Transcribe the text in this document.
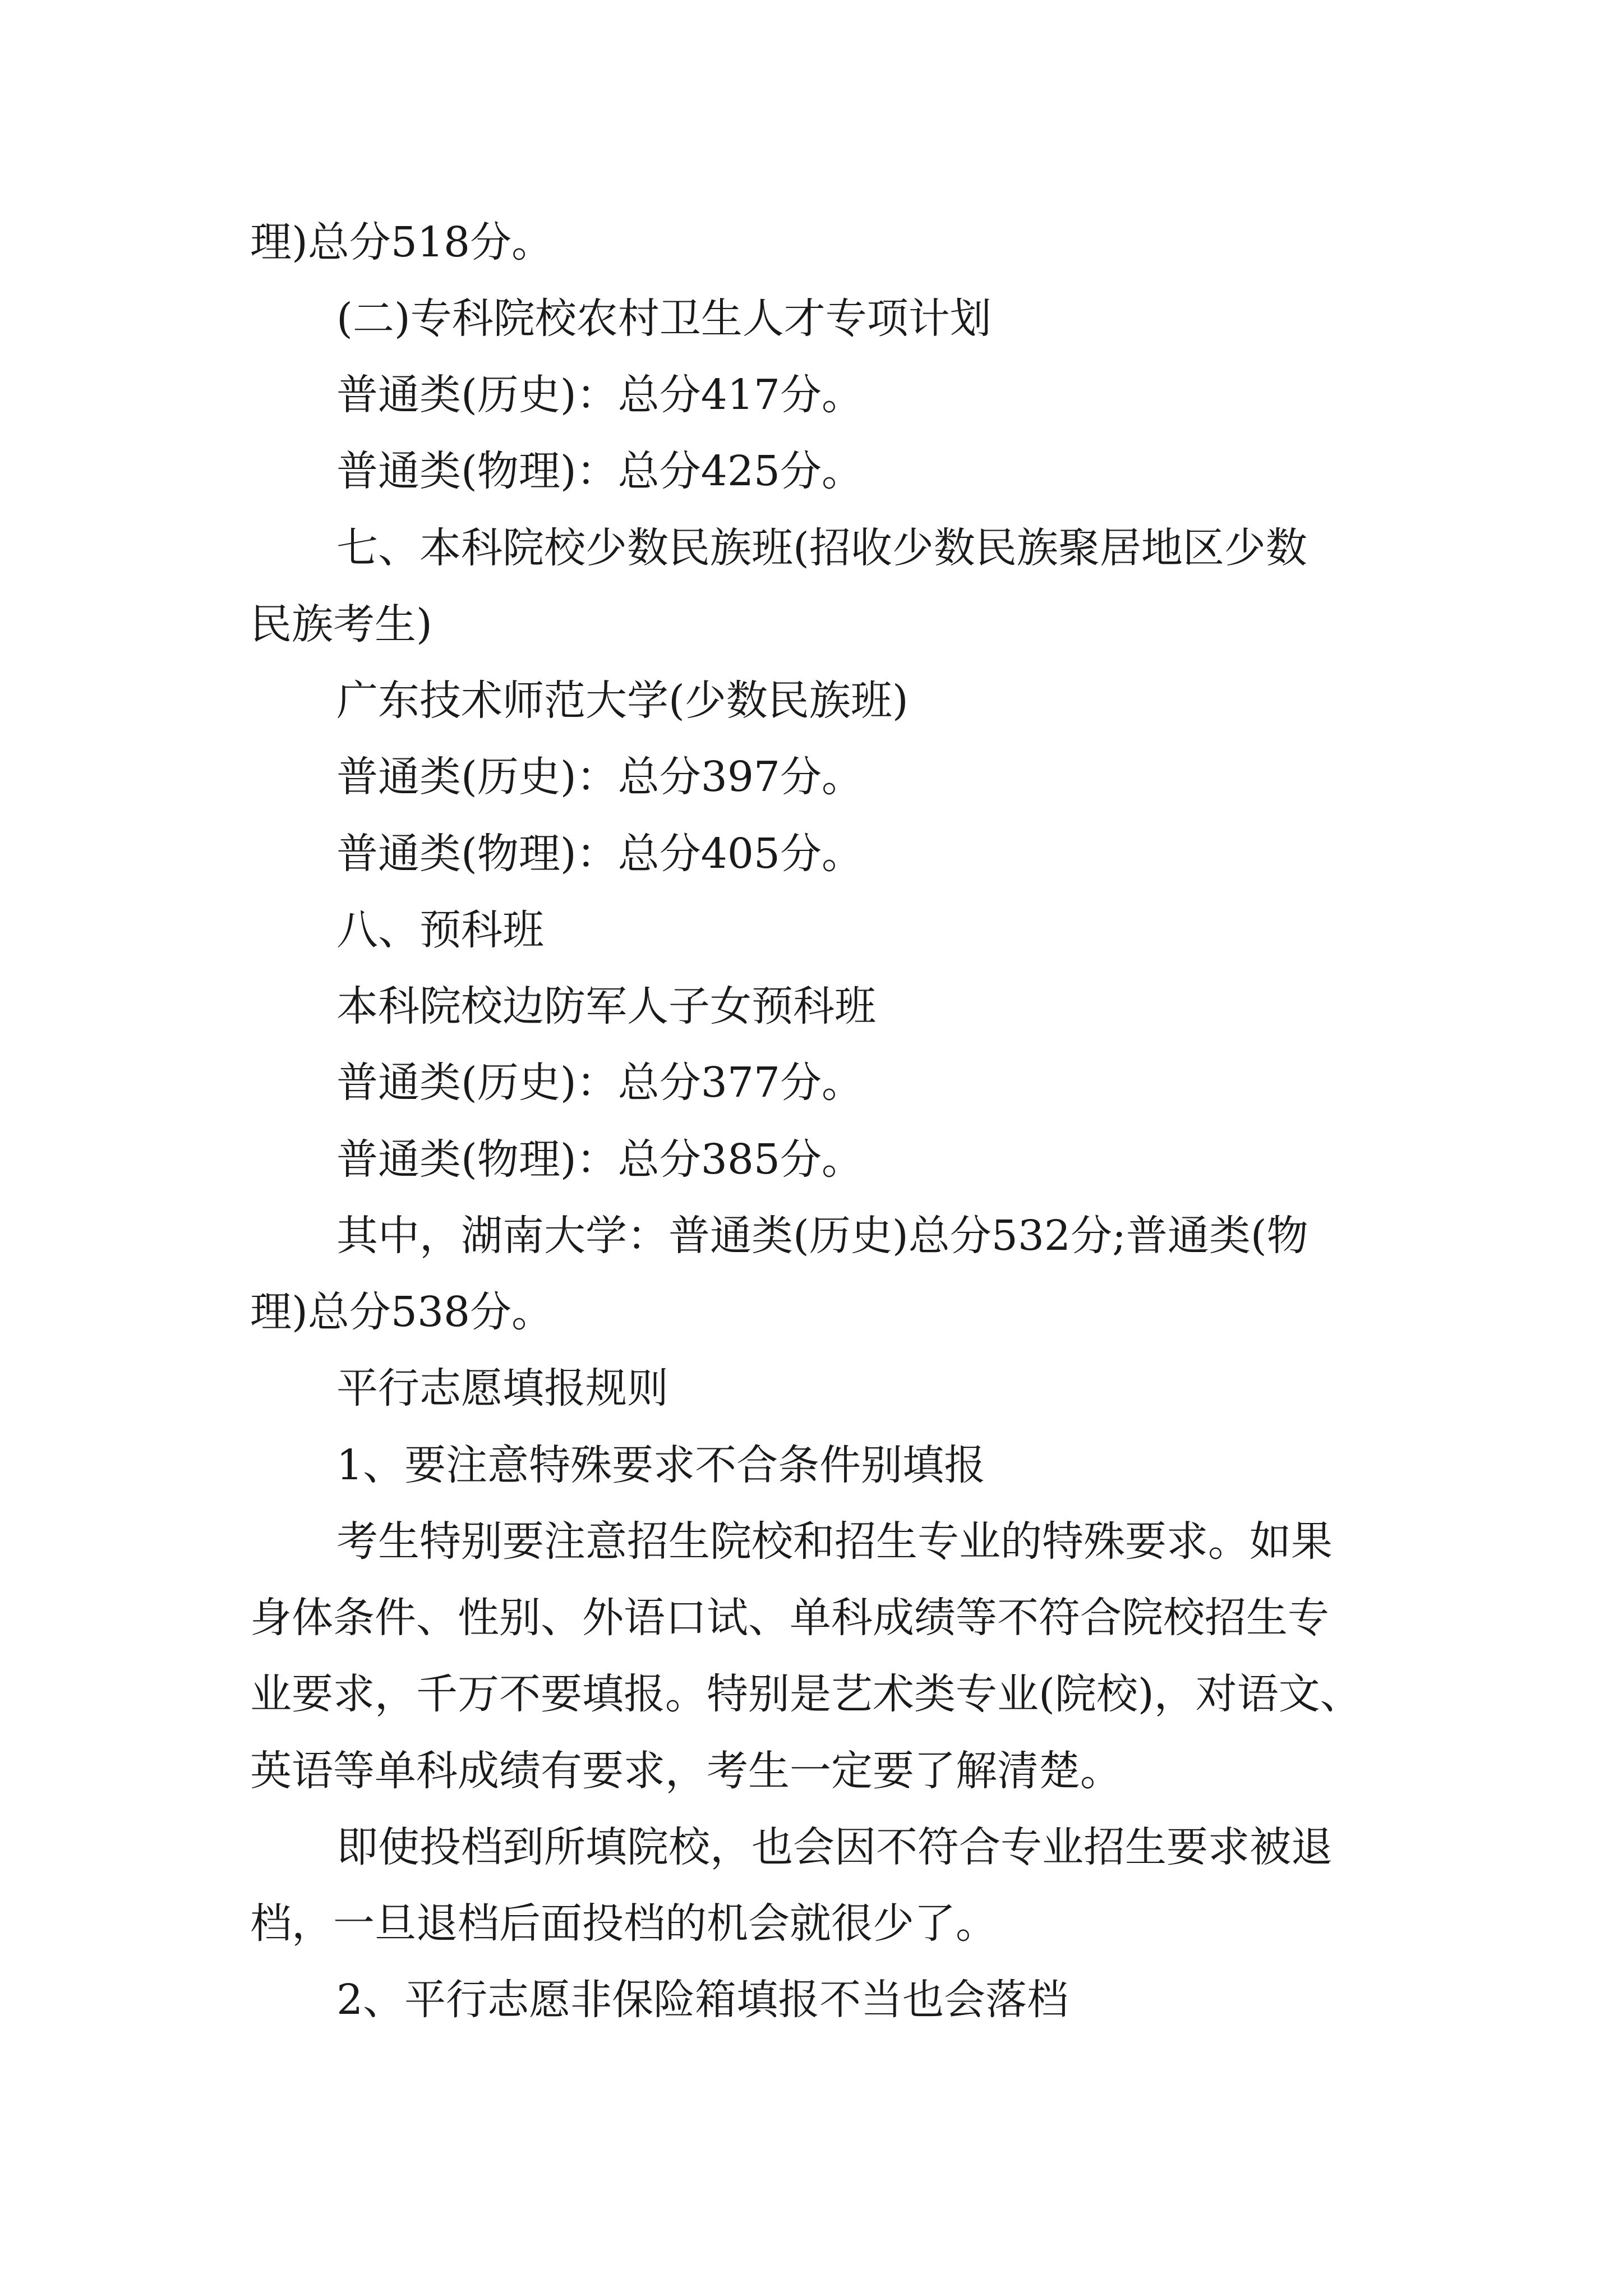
理)总分518分。

(二)专科院校农村卫生人才专项计划

普通类(历史)：总分417分。

普通类(物理)：总分425分。

七、本科院校少数民族班(招收少数民族聚居地区少数

民族考生)

广东技术师范大学(少数民族班)

普通类(历史)：总分397分。

普通类(物理)：总分405分。

八、预科班

本科院校边防军人子女预科班

普通类(历史)：总分377分。

普通类(物理)：总分385分。

其中，湖南大学：普通类(历史)总分532分;普通类(物

理)总分538分。

平行志愿填报规则

1、要注意特殊要求不合条件别填报

考生特别要注意招生院校和招生专业的特殊要求。如果

身体条件、性别、外语口试、单科成绩等不符合院校招生专

业要求，千万不要填报。特别是艺术类专业(院校)，对语文、

英语等单科成绩有要求，考生一定要了解清楚。

即使投档到所填院校，也会因不符合专业招生要求被退

档，一旦退档后面投档的机会就很少了。

2、平行志愿非保险箱填报不当也会落档
